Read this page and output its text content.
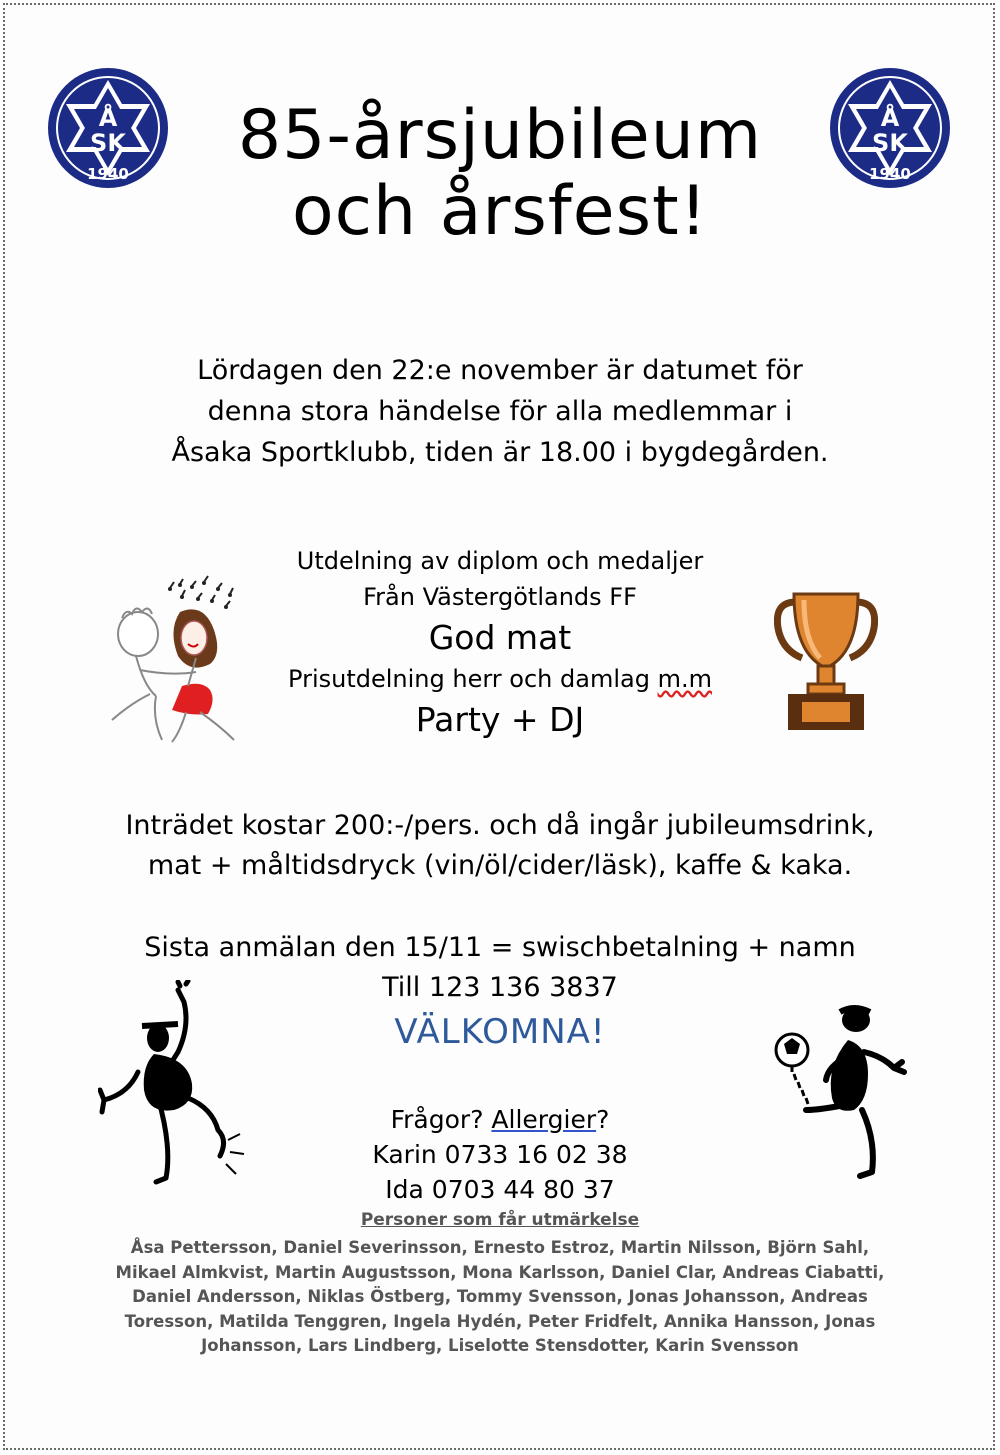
Å
SK
1940
Å
SK
1940
85-årsjubileum
och årsfest!
Lördagen den 22:e november är datumet för
denna stora händelse för alla medlemmar i
Åsaka Sportklubb, tiden är 18.00 i bygdegården.
Utdelning av diplom och medaljer
Från Västergötlands FF
God mat
Prisutdelning herr och damlag m.m
Party + DJ
Inträdet kostar 200:-/pers. och då ingår jubileumsdrink,
mat + måltidsdryck (vin/öl/cider/läsk), kaffe & kaka.
Sista anmälan den 15/11 = swischbetalning + namn
Till 123 136 3837
VÄLKOMNA!
Frågor? Allergier?
Karin 0733 16 02 38
Ida 0703 44 80 37
Personer som får utmärkelse
Åsa Pettersson, Daniel Severinsson, Ernesto Estroz, Martin Nilsson, Björn Sahl, Mikael Almkvist, Martin Augustsson, Mona Karlsson, Daniel Clar, Andreas Ciabatti, Daniel Andersson, Niklas Östberg, Tommy Svensson, Jonas Johansson, Andreas Toresson, Matilda Tenggren, Ingela Hydén, Peter Fridfelt, Annika Hansson, Jonas Johansson, Lars Lindberg, Liselotte Stensdotter, Karin Svensson
